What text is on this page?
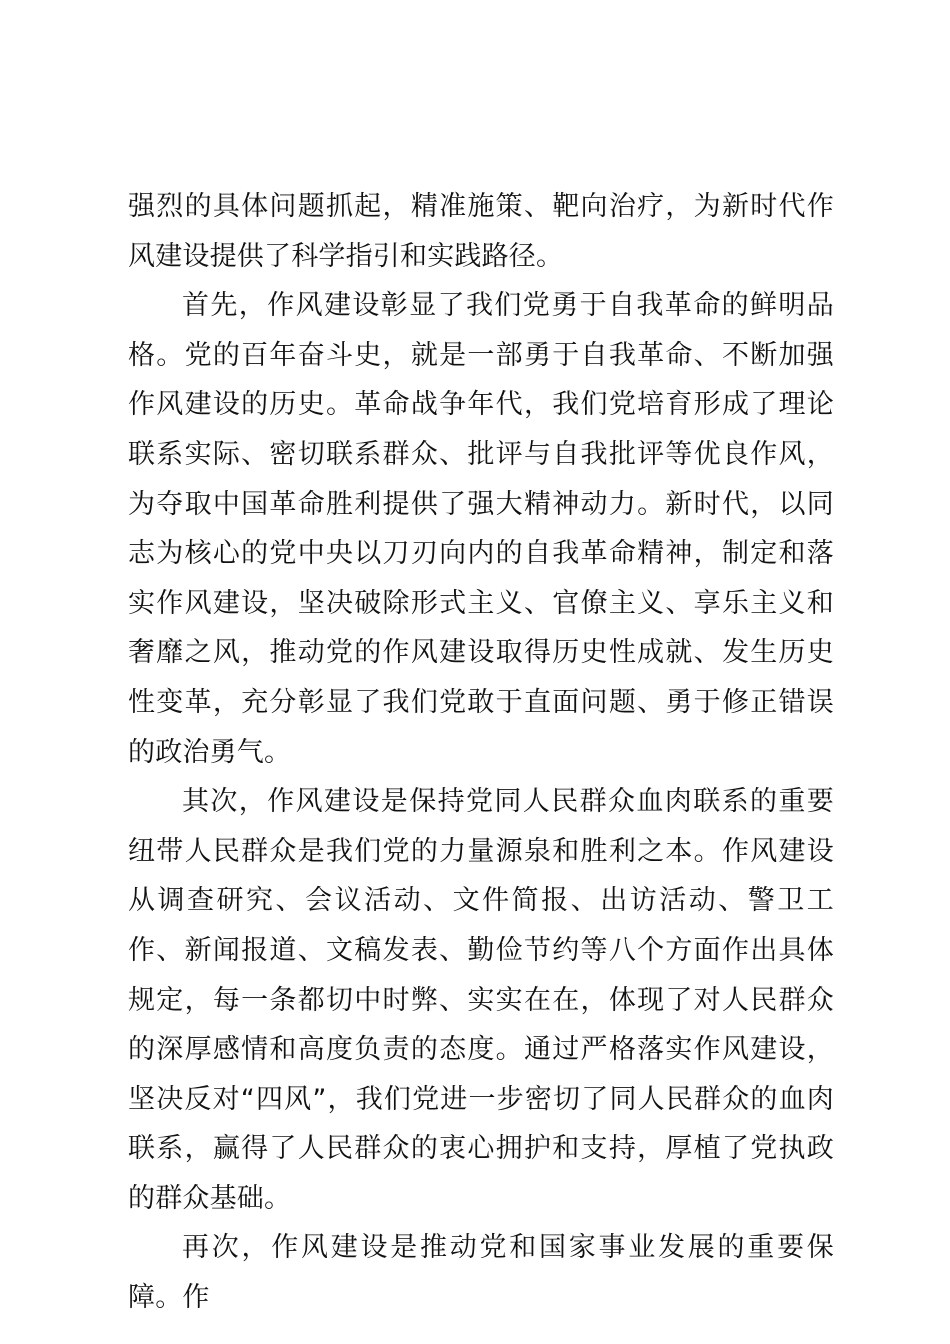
强烈的具体问题抓起，精准施策、靶向治疗，为新时代作风建设提供了科学指引和实践路径。

首先，作风建设彰显了我们党勇于自我革命的鲜明品格。党的百年奋斗史，就是一部勇于自我革命、不断加强作风建设的历史。革命战争年代，我们党培育形成了理论联系实际、密切联系群众、批评与自我批评等优良作风，为夺取中国革命胜利提供了强大精神动力。新时代，以同志为核心的党中央以刀刃向内的自我革命精神，制定和落实作风建设，坚决破除形式主义、官僚主义、享乐主义和奢靡之风，推动党的作风建设取得历史性成就、发生历史性变革，充分彰显了我们党敢于直面问题、勇于修正错误的政治勇气。

其次，作风建设是保持党同人民群众血肉联系的重要纽带人民群众是我们党的力量源泉和胜利之本。作风建设从调查研究、会议活动、文件简报、出访活动、警卫工作、新闻报道、文稿发表、勤俭节约等八个方面作出具体规定，每一条都切中时弊、实实在在，体现了对人民群众的深厚感情和高度负责的态度。通过严格落实作风建设，坚决反对“四风”，我们党进一步密切了同人民群众的血肉联系，赢得了人民群众的衷心拥护和支持，厚植了党执政的群众基础。

再次，作风建设是推动党和国家事业发展的重要保障。作
